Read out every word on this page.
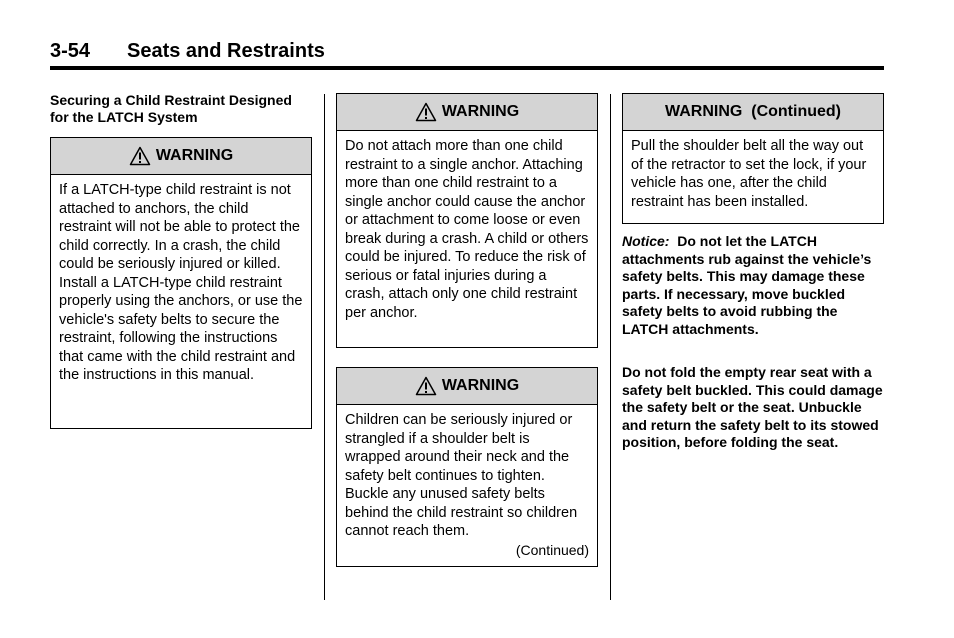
3-54 Seats and Restraints
Securing a Child Restraint Designed for the LATCH System
WARNING
If a LATCH-type child restraint is not attached to anchors, the child restraint will not be able to protect the child correctly. In a crash, the child could be seriously injured or killed. Install a LATCH-type child restraint properly using the anchors, or use the vehicle's safety belts to secure the restraint, following the instructions that came with the child restraint and the instructions in this manual.
WARNING
Do not attach more than one child restraint to a single anchor. Attaching more than one child restraint to a single anchor could cause the anchor or attachment to come loose or even break during a crash. A child or others could be injured. To reduce the risk of serious or fatal injuries during a crash, attach only one child restraint per anchor.
WARNING
Children can be seriously injured or strangled if a shoulder belt is wrapped around their neck and the safety belt continues to tighten. Buckle any unused safety belts behind the child restraint so children cannot reach them.
(Continued)
WARNING  (Continued)
Pull the shoulder belt all the way out of the retractor to set the lock, if your vehicle has one, after the child restraint has been installed.
Notice: Do not let the LATCH attachments rub against the vehicle’s safety belts. This may damage these parts. If necessary, move buckled safety belts to avoid rubbing the LATCH attachments.
Do not fold the empty rear seat with a safety belt buckled. This could damage the safety belt or the seat. Unbuckle and return the safety belt to its stowed position, before folding the seat.
